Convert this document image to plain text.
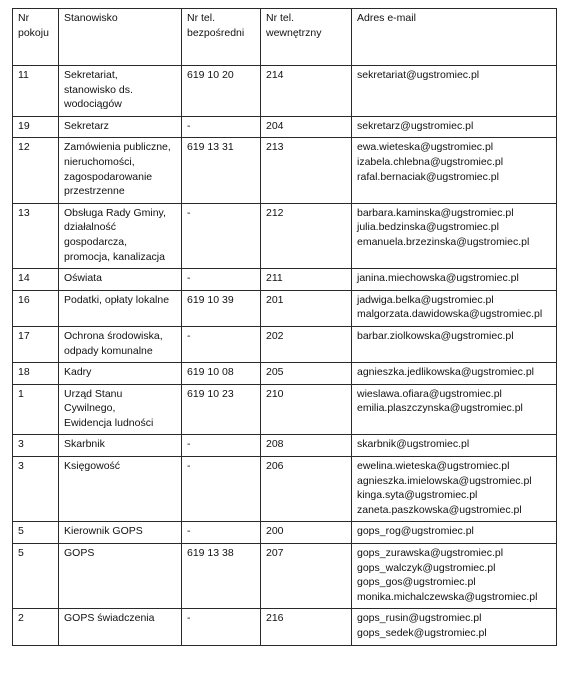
Nr
pokoju	Stanowisko	Nr tel.
bezpośredni	Nr tel.
wewnętrzny	Adres e-mail

11	Sekretariat,
stanowisko ds.
wodociągów	619 10 20	214	sekretariat@ugstromiec.pl

19	Sekretarz	-	204	sekretarz@ugstromiec.pl

12	Zamówienia publiczne,
nieruchomości,
zagospodarowanie
przestrzenne	619 13 31	213	ewa.wieteska@ugstromiec.pl
izabela.chlebna@ugstromiec.pl
rafal.bernaciak@ugstromiec.pl

13	Obsługa Rady Gminy,
działalność
gospodarcza,
promocja, kanalizacja	-	212	barbara.kaminska@ugstromiec.pl
julia.bedzinska@ugstromiec.pl
emanuela.brzezinska@ugstromiec.pl

14	Oświata	-	211	janina.miechowska@ugstromiec.pl

16	Podatki, opłaty lokalne	619 10 39	201	jadwiga.belka@ugstromiec.pl
malgorzata.dawidowska@ugstromiec.pl

17	Ochrona środowiska,
odpady komunalne	-	202	barbar.ziolkowska@ugstromiec.pl

18	Kadry	619 10 08	205	agnieszka.jedlikowska@ugstromiec.pl

1	Urząd Stanu
Cywilnego,
Ewidencja ludności	619 10 23	210	wieslawa.ofiara@ugstromiec.pl
emilia.plaszczynska@ugstromiec.pl

3	Skarbnik	-	208	skarbnik@ugstromiec.pl

3	Księgowość	-	206	ewelina.wieteska@ugstromiec.pl
agnieszka.imielowska@ugstromiec.pl
kinga.syta@ugstromiec.pl
zaneta.paszkowska@ugstromiec.pl

5	Kierownik GOPS	-	200	gops_rog@ugstromiec.pl

5	GOPS	619 13 38	207	gops_zurawska@ugstromiec.pl
gops_walczyk@ugstromiec.pl
gops_gos@ugstromiec.pl
monika.michalczewska@ugstromiec.pl

2	GOPS świadczenia	-	216	gops_rusin@ugstromiec.pl
gops_sedek@ugstromiec.pl
